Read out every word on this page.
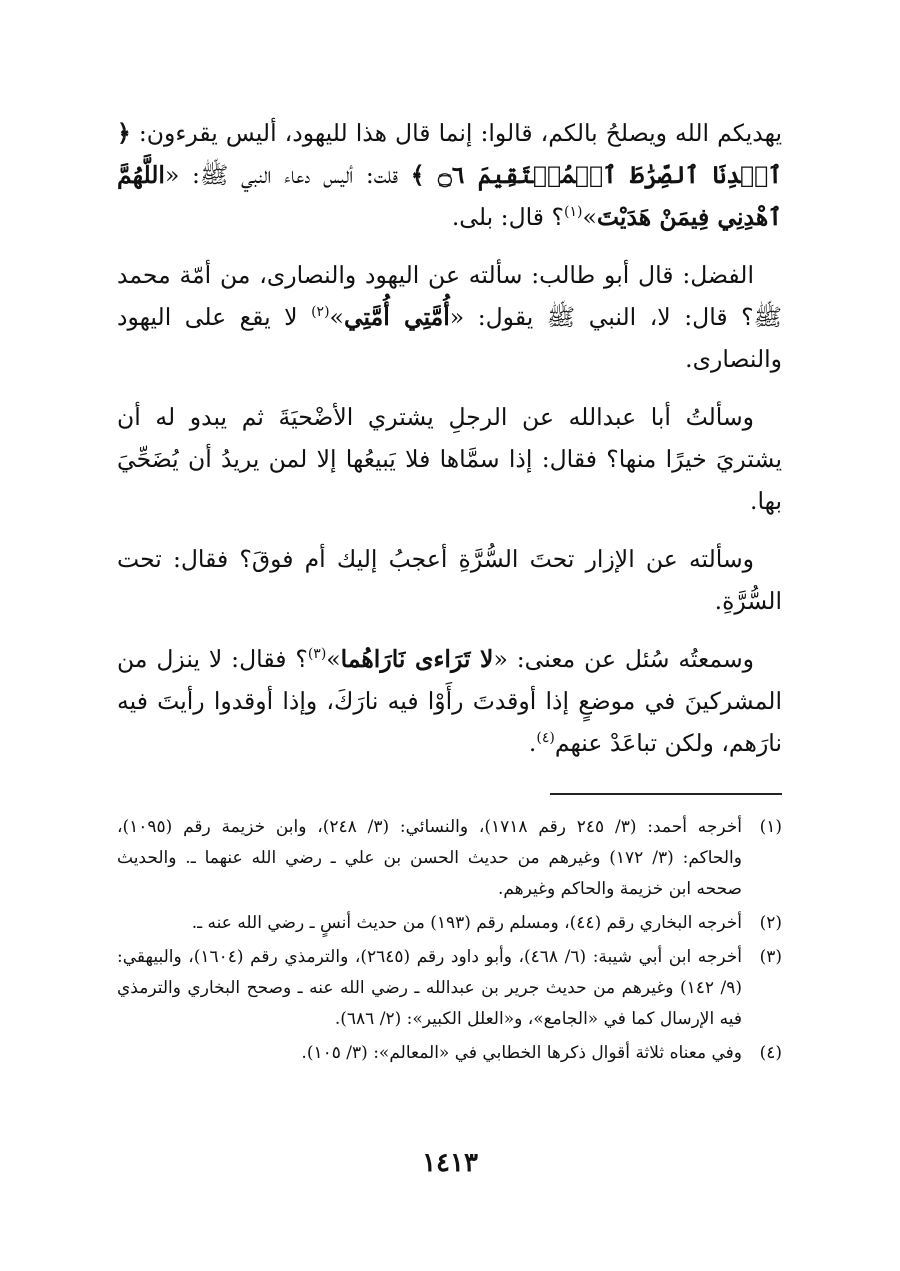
يهديكم الله ويصلحُ بالكم، قالوا: إنما قال هذا لليهود، أليس يقرءون: ﴿ ٱهۡدِنَا ٱلصِّرَٰطَ ٱلۡمُسۡتَقِيمَ ۝٦ ﴾ قلت: أليس دعاء النبي ﷺ: «اللَّهُمَّ ٱهْدِنِي فِيمَنْ هَدَيْتَ»$^{(١)}$؟ قال: بلى.

الفضل: قال أبو طالب: سألته عن اليهود والنصارى، من أمّة محمد ﷺ؟ قال: لا، النبي ﷺ يقول: «أُمَّتِي أُمَّتِي»$^{(٢)}$ لا يقع على اليهود والنصارى.

وسألتُ أبا عبدالله عن الرجلِ يشتري الأضْحيَةَ ثم يبدو له أن يشتريَ خيرًا منها؟ فقال: إذا سمَّاها فلا يَبيعُها إلا لمن يريدُ أن يُضَحِّيَ بها.

وسألته عن الإزار تحتَ السُّرَّةِ أعجبُ إليك أم فوقَ؟ فقال: تحت السُّرَّةِ.

وسمعتُه سُئل عن معنى: «لا تَرَاءى نَارَاهُما»$^{(٣)}$؟ فقال: لا ينزل من المشركينَ في موضعٍ إذا أوقدتَ رأَوْا فيه نارَكَ، وإذا أوقدوا رأيتَ فيه نارَهم، ولكن تباعَدْ عنهم$^{(٤)}$.

(١)
أخرجه أحمد: (٣/ ٢٤٥ رقم ١٧١٨)، والنسائي: (٣/ ٢٤٨)، وابن خزيمة رقم (١٠٩٥)، والحاكم: (٣/ ١٧٢) وغيرهم من حديث الحسن بن علي ـ رضي الله عنهما ـ. والحديث صححه ابن خزيمة والحاكم وغيرهم.
(٢)
أخرجه البخاري رقم (٤٤)، ومسلم رقم (١٩٣) من حديث أنسٍ ـ رضي الله عنه ـ.
(٣)
أخرجه ابن أبي شيبة: (٦/ ٤٦٨)، وأبو داود رقم (٢٦٤٥)، والترمذي رقم (١٦٠٤)، والبيهقي: (٩/ ١٤٢) وغيرهم من حديث جرير بن عبدالله ـ رضي الله عنه ـ وصحح البخاري والترمذي فيه الإرسال كما في «الجامع»، و«العلل الكبير»: (٢/ ٦٨٦).
(٤)
وفي معناه ثلاثة أقوال ذكرها الخطابي في «المعالم»: (٣/ ١٠٥).
١٤١٣
